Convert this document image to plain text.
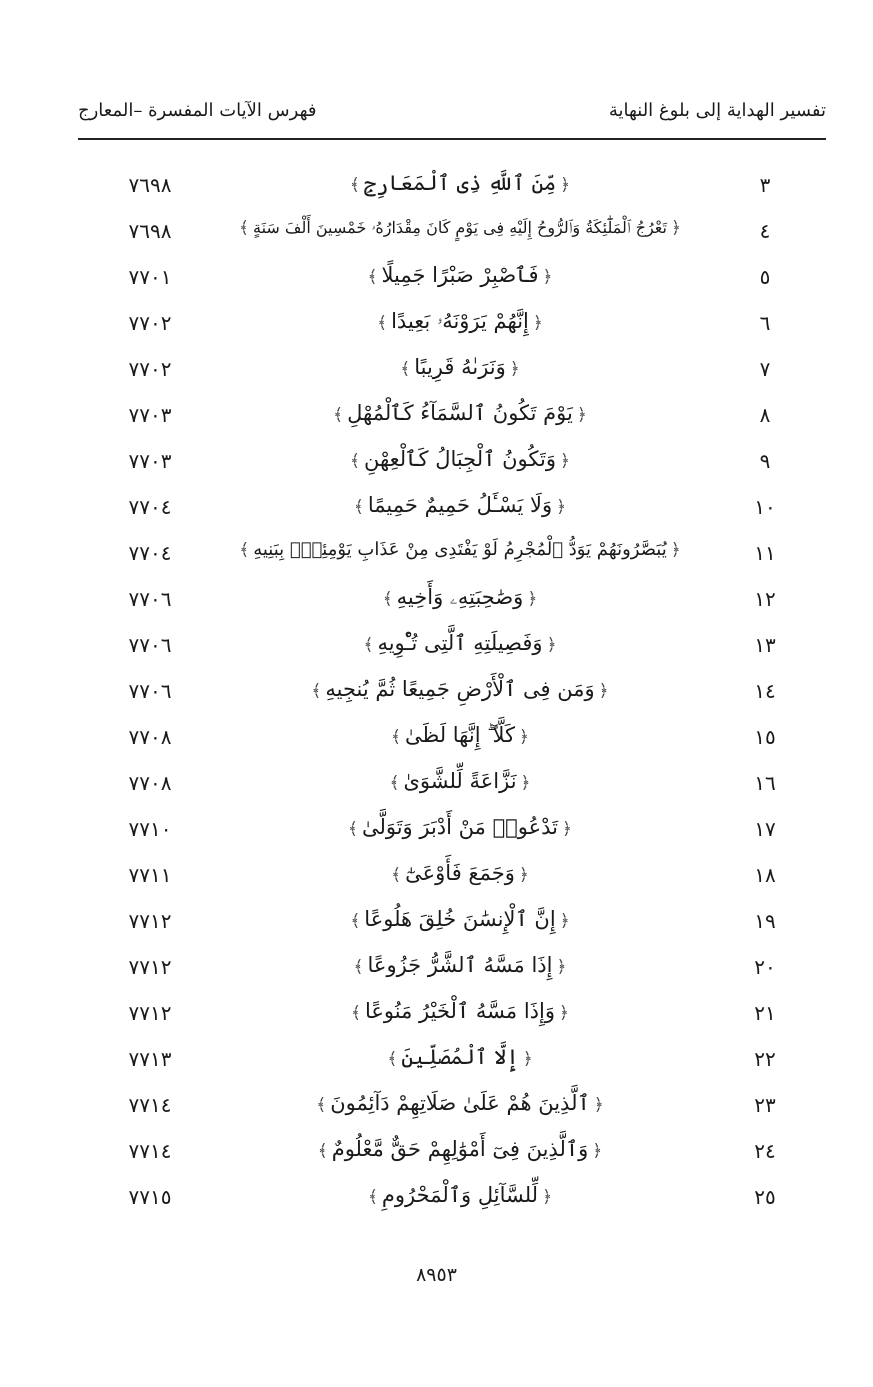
تفسير الهداية إلى بلوغ النهاية
فهرس الآيات المفسرة –المعارج
٣
﴿مِّنَ ٱللَّهِ ذِى ٱلْمَعَارِجِ﴾
٧٦٩٨
٤
﴿تَعْرُجُ ٱلْمَلَٰٓئِكَةُ وَٱلرُّوحُ إِلَيْهِ فِى يَوْمٍ كَانَ مِقْدَارُهُۥ خَمْسِينَ أَلْفَ سَنَةٍ﴾
٧٦٩٨
٥
﴿فَٱصْبِرْ صَبْرًا جَمِيلًا﴾
٧٧٠١
٦
﴿إِنَّهُمْ يَرَوْنَهُۥ بَعِيدًا﴾
٧٧٠٢
٧
﴿وَنَرَىٰهُ قَرِيبًا﴾
٧٧٠٢
٨
﴿يَوْمَ تَكُونُ ٱلسَّمَآءُ كَٱلْمُهْلِ﴾
٧٧٠٣
٩
﴿وَتَكُونُ ٱلْجِبَالُ كَٱلْعِهْنِ﴾
٧٧٠٣
١٠
﴿وَلَا يَسْـَٔلُ حَمِيمٌ حَمِيمًا﴾
٧٧٠٤
١١
﴿يُبَصَّرُونَهُمْ يَوَدُّ ٱلْمُجْرِمُ لَوْ يَفْتَدِى مِنْ عَذَابِ يَوْمِئِذٍۭ بِبَنِيهِ﴾
٧٧٠٤
١٢
﴿وَصَٰحِبَتِهِۦ وَأَخِيهِ﴾
٧٧٠٦
١٣
﴿وَفَصِيلَتِهِ ٱلَّتِى تُـْٔوِيهِ﴾
٧٧٠٦
١٤
﴿وَمَن فِى ٱلْأَرْضِ جَمِيعًا ثُمَّ يُنجِيهِ﴾
٧٧٠٦
١٥
﴿كَلَّآ ۖ إِنَّهَا لَظَىٰ﴾
٧٧٠٨
١٦
﴿نَزَّاعَةً لِّلشَّوَىٰ﴾
٧٧٠٨
١٧
﴿تَدْعُوا۟ مَنْ أَدْبَرَ وَتَوَلَّىٰ﴾
٧٧١٠
١٨
﴿وَجَمَعَ فَأَوْعَىٰٓ﴾
٧٧١١
١٩
﴿إِنَّ ٱلْإِنسَٰنَ خُلِقَ هَلُوعًا﴾
٧٧١٢
٢٠
﴿إِذَا مَسَّهُ ٱلشَّرُّ جَزُوعًا﴾
٧٧١٢
٢١
﴿وَإِذَا مَسَّهُ ٱلْخَيْرُ مَنُوعًا﴾
٧٧١٢
٢٢
﴿إِلَّا ٱلْمُصَلِّينَ﴾
٧٧١٣
٢٣
﴿ٱلَّذِينَ هُمْ عَلَىٰ صَلَاتِهِمْ دَآئِمُونَ﴾
٧٧١٤
٢٤
﴿وَٱلَّذِينَ فِىٓ أَمْوَٰلِهِمْ حَقٌّ مَّعْلُومٌ﴾
٧٧١٤
٢٥
﴿لِّلسَّآئِلِ وَٱلْمَحْرُومِ﴾
٧٧١٥
٨٩٥٣
